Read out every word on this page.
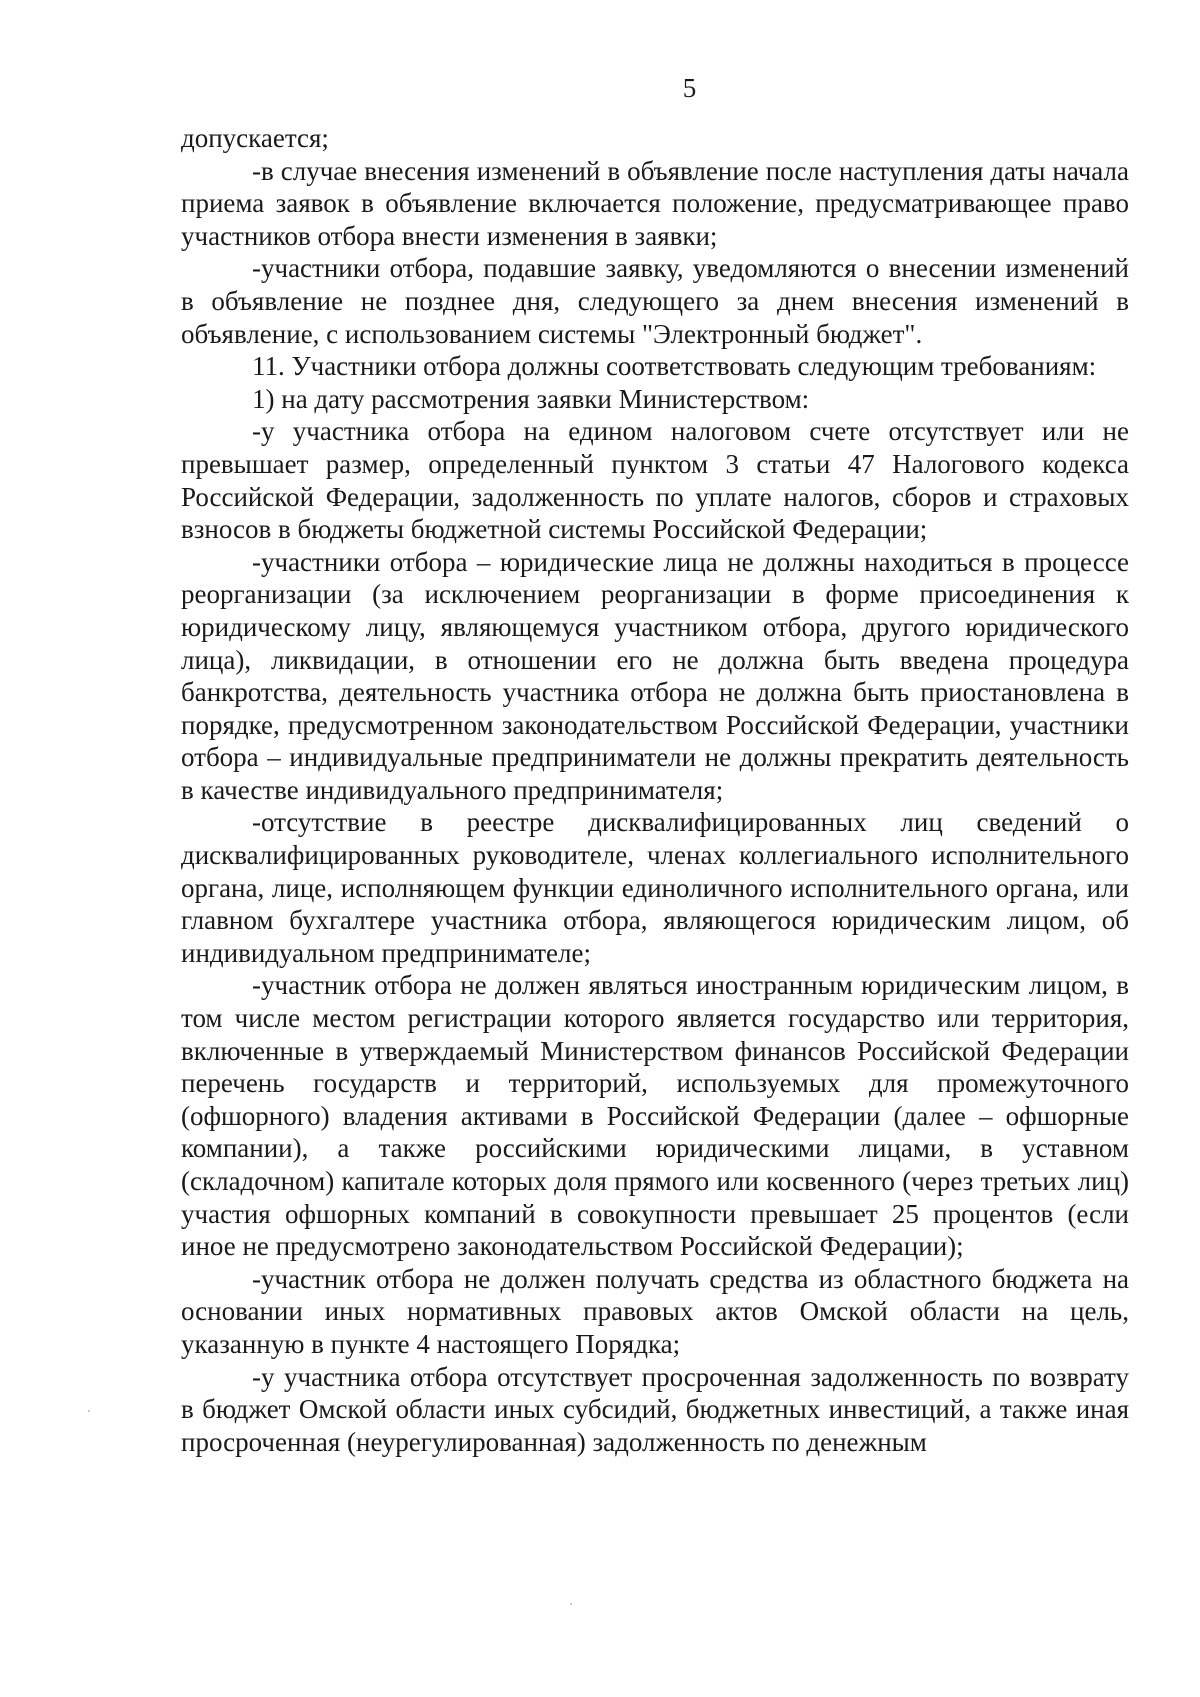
5

допускается;

-в случае внесения изменений в объявление после наступления даты начала приема заявок в объявление включается положение, предусматривающее право участников отбора внести изменения в заявки;

-участники отбора, подавшие заявку, уведомляются о внесении изменений в объявление не позднее дня, следующего за днем внесения изменений в объявление, с использованием системы "Электронный бюджет".

11. Участники отбора должны соответствовать следующим требованиям:

1) на дату рассмотрения заявки Министерством:

-у участника отбора на едином налоговом счете отсутствует или не превышает размер, определенный пунктом 3 статьи 47 Налогового кодекса Российской Федерации, задолженность по уплате налогов, сборов и страховых взносов в бюджеты бюджетной системы Российской Федерации;

-участники отбора – юридические лица не должны находиться в процессе реорганизации (за исключением реорганизации в форме присоединения к юридическому лицу, являющемуся участником отбора, другого юридического лица), ликвидации, в отношении его не должна быть введена процедура банкротства, деятельность участника отбора не должна быть приостановлена в порядке, предусмотренном законодательством Российской Федерации, участники отбора – индивидуальные предприниматели не должны прекратить деятельность в качестве индивидуального предпринимателя;

-отсутствие в реестре дисквалифицированных лиц сведений о дисквалифицированных руководителе, членах коллегиального исполнительного органа, лице, исполняющем функции единоличного исполнительного органа, или главном бухгалтере участника отбора, являющегося юридическим лицом, об индивидуальном предпринимателе;

-участник отбора не должен являться иностранным юридическим лицом, в том числе местом регистрации которого является государство или территория, включенные в утверждаемый Министерством финансов Российской Федерации перечень государств и территорий, используемых для промежуточного (офшорного) владения активами в Российской Федерации (далее – офшорные компании), а также российскими юридическими лицами, в уставном (складочном) капитале которых доля прямого или косвенного (через третьих лиц) участия офшорных компаний в совокупности превышает 25 процентов (если иное не предусмотрено законодательством Российской Федерации);

-участник отбора не должен получать средства из областного бюджета на основании иных нормативных правовых актов Омской области на цель, указанную в пункте 4 настоящего Порядка;

-у участника отбора отсутствует просроченная задолженность по возврату в бюджет Омской области иных субсидий, бюджетных инвестиций, а также иная просроченная (неурегулированная) задолженность по денежным
